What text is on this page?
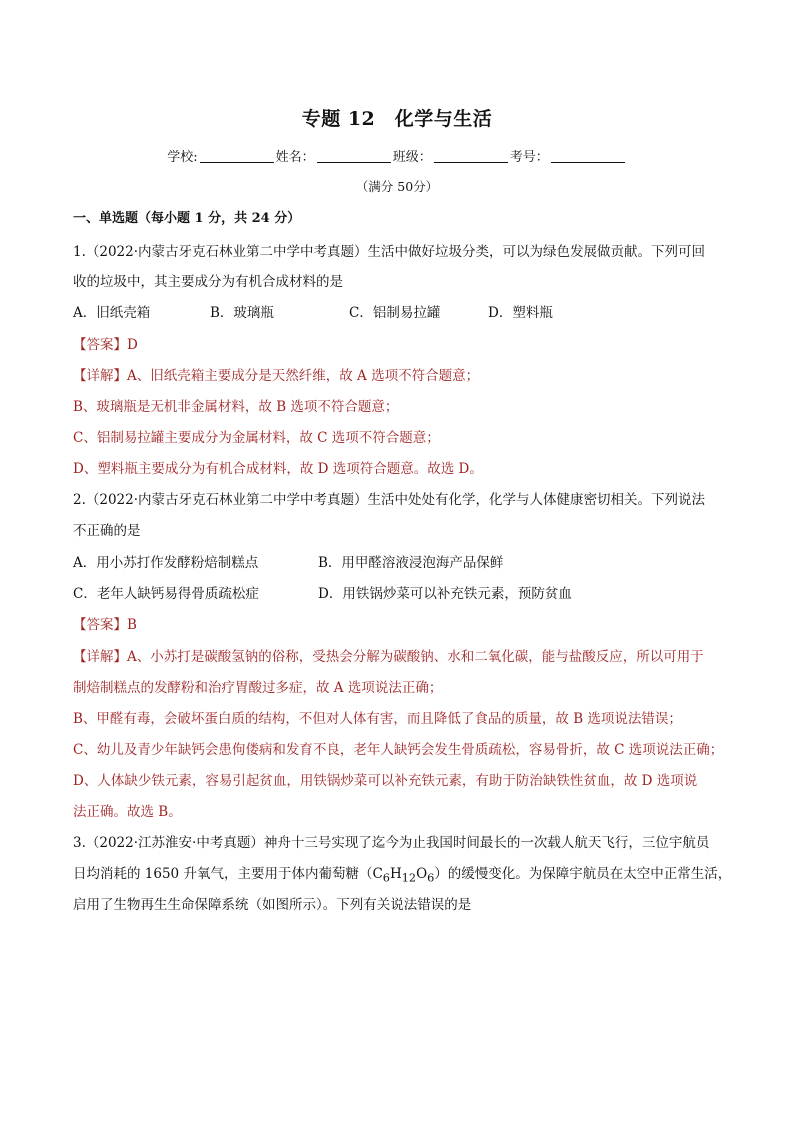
专题 12　化学与生活
学校:	姓名：	班级：	考号：
（满分 50分）
一、单选题（每小题 1 分，共 24 分）
1.（2022·内蒙古牙克石林业第二中学中考真题）生活中做好垃圾分类，可以为绿色发展做贡献。下列可回
收的垃圾中，其主要成分为有机合成材料的是
A．旧纸壳箱	B．玻璃瓶	C．铝制易拉罐	D．塑料瓶
【答案】D
【详解】A、旧纸壳箱主要成分是天然纤维，故 A 选项不符合题意；
B、玻璃瓶是无机非金属材料，故 B 选项不符合题意；
C、铝制易拉罐主要成分为金属材料，故 C 选项不符合题意；
D、塑料瓶主要成分为有机合成材料，故 D 选项符合题意。故选 D。
2.（2022·内蒙古牙克石林业第二中学中考真题）生活中处处有化学，化学与人体健康密切相关。下列说法
不正确的是
A．用小苏打作发酵粉焙制糕点	B．用甲醛溶液浸泡海产品保鲜
C．老年人缺钙易得骨质疏松症	D．用铁锅炒菜可以补充铁元素，预防贫血
【答案】B
【详解】A、小苏打是碳酸氢钠的俗称，受热会分解为碳酸钠、水和二氧化碳，能与盐酸反应，所以可用于
制焙制糕点的发酵粉和治疗胃酸过多症，故 A 选项说法正确；
B、甲醛有毒，会破坏蛋白质的结构，不但对人体有害，而且降低了食品的质量，故 B 选项说法错误；
C、幼儿及青少年缺钙会患佝偻病和发育不良，老年人缺钙会发生骨质疏松，容易骨折，故 C 选项说法正确；
D、人体缺少铁元素，容易引起贫血，用铁锅炒菜可以补充铁元素，有助于防治缺铁性贫血，故 D 选项说
法正确。故选 B。
3.（2022·江苏淮安·中考真题）神舟十三号实现了迄今为止我国时间最长的一次载人航天飞行，三位宇航员
日均消耗的 1650 升氧气，主要用于体内葡萄糖$(C_6H_{12}O_6)$的缓慢变化。为保障宇航员在太空中正常生活，
启用了生物再生生命保障系统（如图所示）。下列有关说法错误的是
